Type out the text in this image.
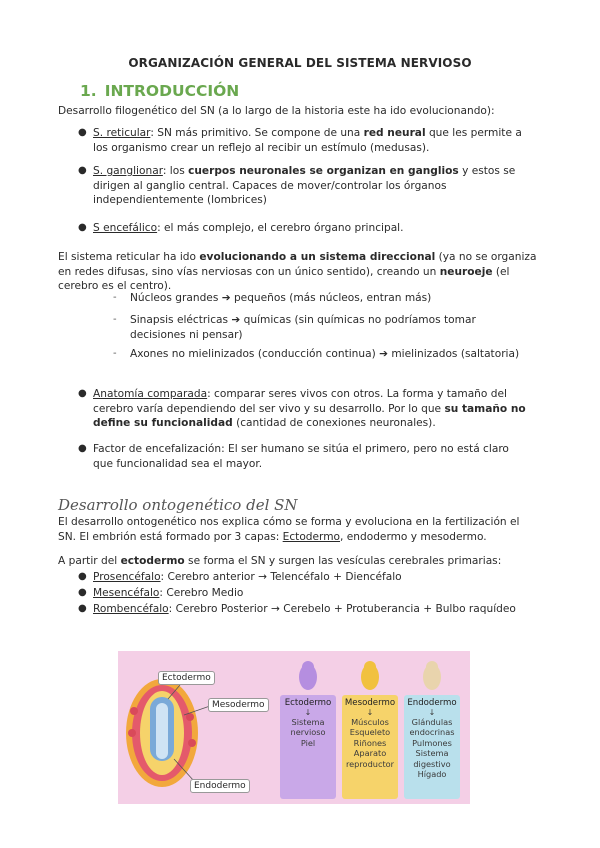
ORGANIZACIÓN GENERAL DEL SISTEMA NERVIOSO
1. INTRODUCCIÓN
Desarrollo filogenético del SN (a lo largo de la historia este ha ido evolucionando):
● S. reticular: SN más primitivo. Se compone de una red neural que les permite a
los organismo crear un reflejo al recibir un estímulo (medusas).
● S. ganglionar: los cuerpos neuronales se organizan en ganglios y estos se
dirigen al ganglio central. Capaces de mover/controlar los órganos
independientemente (lombrices)
● S encefálico: el más complejo, el cerebro órgano principal.
El sistema reticular ha ido evolucionando a un sistema direccional (ya no se organiza
en redes difusas, sino vías nerviosas con un único sentido), creando un neuroeje (el
cerebro es el centro).
- Núcleos grandes ➔ pequeños (más núcleos, entran más)
- Sinapsis eléctricas ➔ químicas (sin químicas no podríamos tomar
decisiones ni pensar)
- Axones no mielinizados (conducción continua) ➔ mielinizados (saltatoria)
● Anatomía comparada: comparar seres vivos con otros. La forma y tamaño del
cerebro varía dependiendo del ser vivo y su desarrollo. Por lo que su tamaño no
define su funcionalidad (cantidad de conexiones neuronales).
● Factor de encefalización: El ser humano se sitúa el primero, pero no está claro
que funcionalidad sea el mayor.
Desarrollo ontogenético del SN
El desarrollo ontogenético nos explica cómo se forma y evoluciona en la fertilización el
SN. El embrión está formado por 3 capas: Ectodermo, endodermo y mesodermo.
A partir del ectodermo se forma el SN y surgen las vesículas cerebrales primarias:
● Prosencéfalo: Cerebro anterior → Telencéfalo + Diencéfalo
● Mesencéfalo: Cerebro Medio
● Rombencéfalo: Cerebro Posterior → Cerebelo + Protuberancia + Bulbo raquídeo
Ectodermo
Mesodermo
Endodermo
Ectodermo
↓
Sistema
nervioso
Piel
Mesodermo
↓
Músculos
Esqueleto
Riñones
Aparato
reproductor
Endodermo
↓
Glándulas
endocrinas
Pulmones
Sistema
digestivo
Hígado
